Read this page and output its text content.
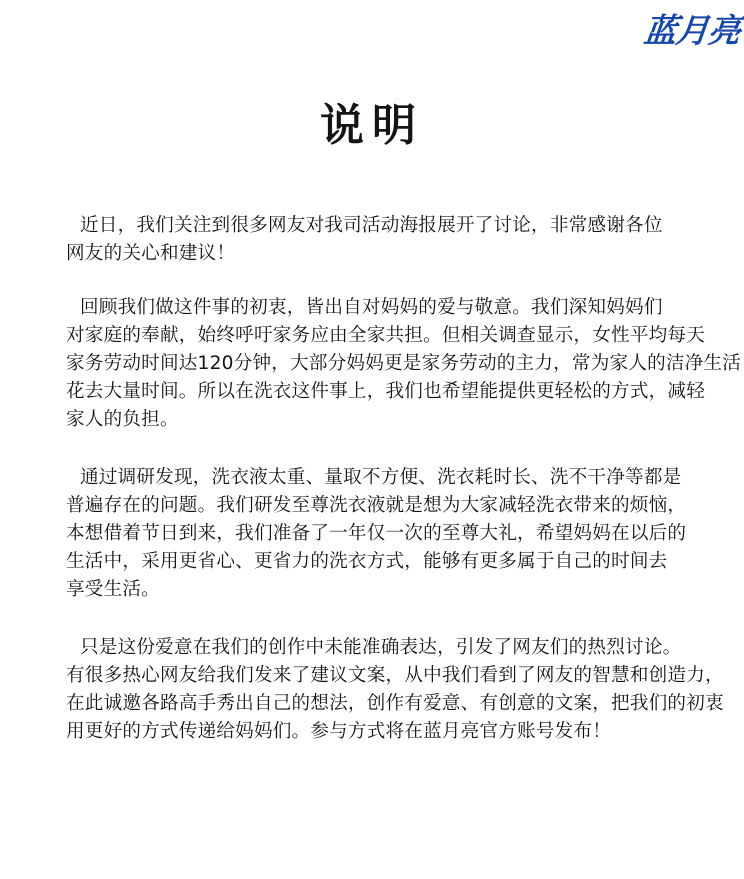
蓝月亮
说明

近日，我们关注到很多网友对我司活动海报展开了讨论，非常感谢各位
网友的关心和建议！

回顾我们做这件事的初衷，皆出自对妈妈的爱与敬意。我们深知妈妈们
对家庭的奉献，始终呼吁家务应由全家共担。但相关调查显示，女性平均每天
家务劳动时间达120分钟，大部分妈妈更是家务劳动的主力，常为家人的洁净生活
花去大量时间。所以在洗衣这件事上，我们也希望能提供更轻松的方式，减轻
家人的负担。

通过调研发现，洗衣液太重、量取不方便、洗衣耗时长、洗不干净等都是
普遍存在的问题。我们研发至尊洗衣液就是想为大家减轻洗衣带来的烦恼，
本想借着节日到来，我们准备了一年仅一次的至尊大礼，希望妈妈在以后的
生活中，采用更省心、更省力的洗衣方式，能够有更多属于自己的时间去
享受生活。

只是这份爱意在我们的创作中未能准确表达，引发了网友们的热烈讨论。
有很多热心网友给我们发来了建议文案，从中我们看到了网友的智慧和创造力，
在此诚邀各路高手秀出自己的想法，创作有爱意、有创意的文案，把我们的初衷
用更好的方式传递给妈妈们。参与方式将在蓝月亮官方账号发布！
